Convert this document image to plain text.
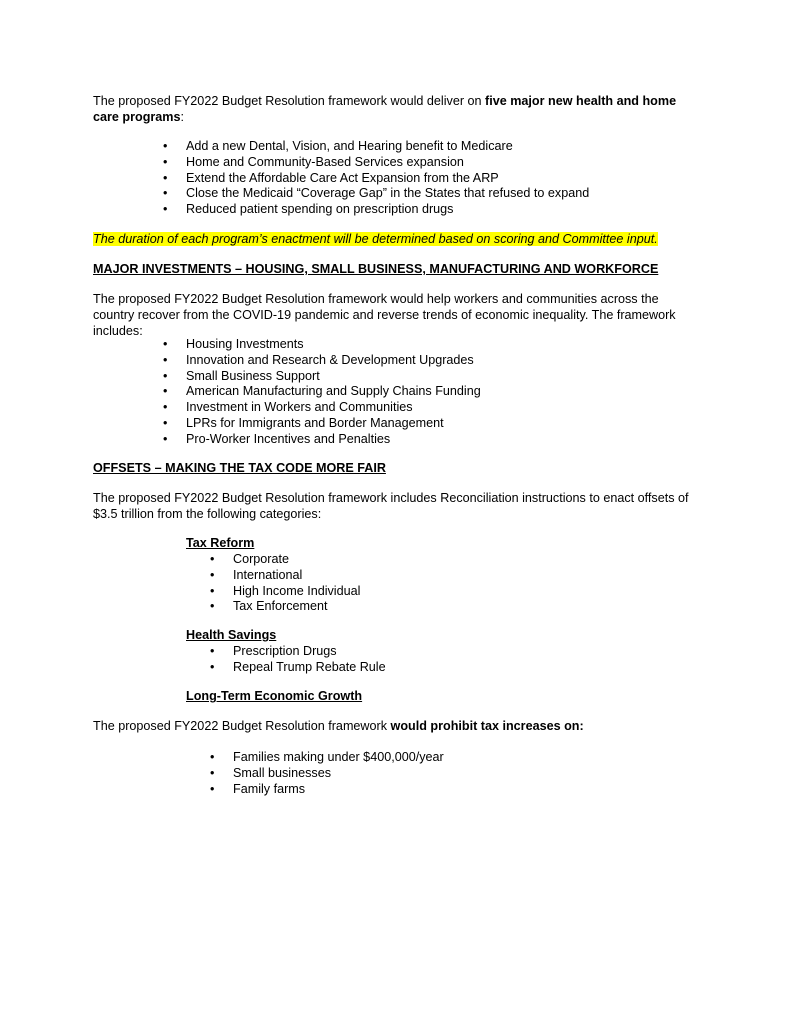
The proposed FY2022 Budget Resolution framework would deliver on five major new health and home care programs:

• Add a new Dental, Vision, and Hearing benefit to Medicare
• Home and Community-Based Services expansion
• Extend the Affordable Care Act Expansion from the ARP
• Close the Medicaid “Coverage Gap” in the States that refused to expand
• Reduced patient spending on prescription drugs

The duration of each program’s enactment will be determined based on scoring and Committee input.

MAJOR INVESTMENTS – HOUSING, SMALL BUSINESS, MANUFACTURING AND WORKFORCE

The proposed FY2022 Budget Resolution framework would help workers and communities across the country recover from the COVID-19 pandemic and reverse trends of economic inequality. The framework includes:

• Housing Investments
• Innovation and Research & Development Upgrades
• Small Business Support
• American Manufacturing and Supply Chains Funding
• Investment in Workers and Communities
• LPRs for Immigrants and Border Management
• Pro-Worker Incentives and Penalties

OFFSETS – MAKING THE TAX CODE MORE FAIR

The proposed FY2022 Budget Resolution framework includes Reconciliation instructions to enact offsets of $3.5 trillion from the following categories:

Tax Reform

• Corporate
• International
• High Income Individual
• Tax Enforcement

Health Savings

• Prescription Drugs
• Repeal Trump Rebate Rule

Long-Term Economic Growth

The proposed FY2022 Budget Resolution framework would prohibit tax increases on:

• Families making under $400,000/year
• Small businesses
• Family farms
